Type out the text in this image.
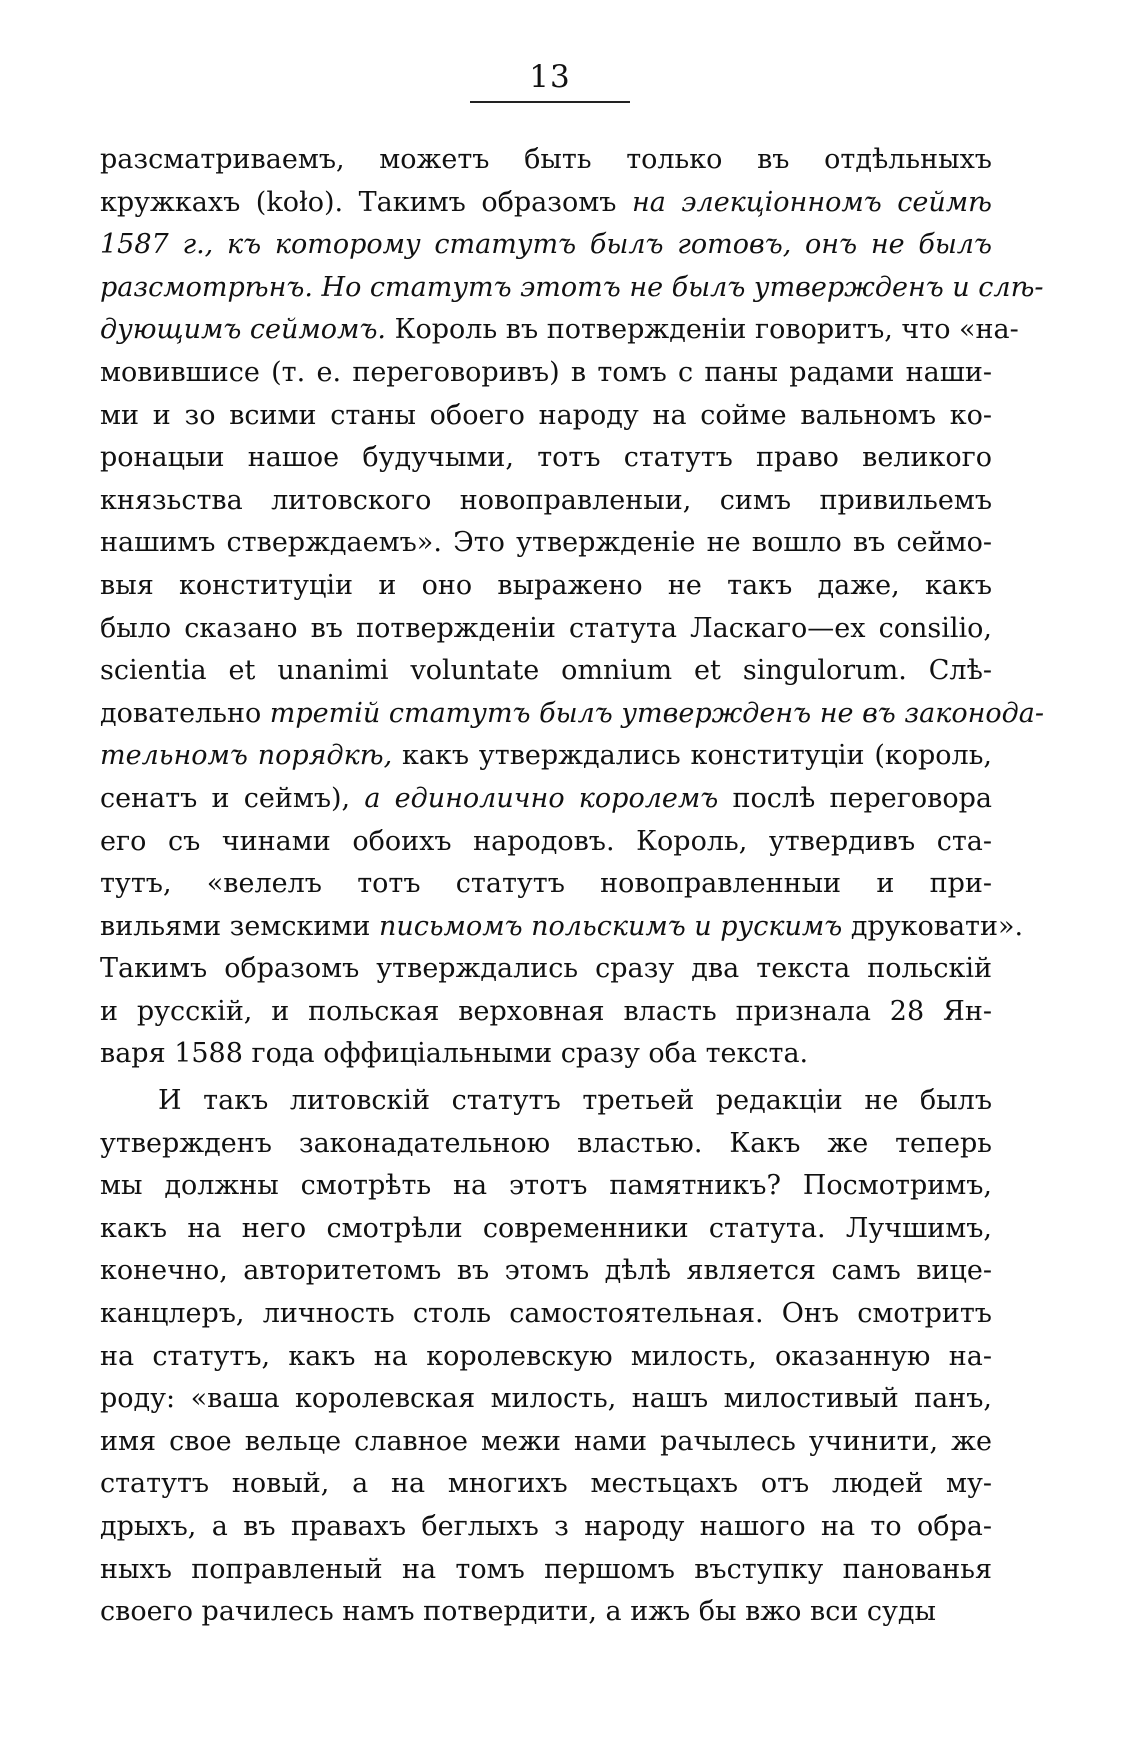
13
разсматриваемъ, можетъ быть только въ отдѣльныхъ
кружкахъ (koło). Такимъ образомъ на элекціонномъ сеймѣ
1587 г., къ которому статутъ былъ готовъ, онъ не былъ
разсмотрѣнъ. Но статутъ этотъ не былъ утвержденъ и слѣ-
дующимъ сеймомъ. Король въ потвержденіи говоритъ, что «на-
мовившисе (т. е. переговоривъ) в томъ с паны радами наши-
ми и зо всими станы обоего народу на сойме вальномъ ко-
ронацыи нашое будучыми, тотъ статутъ право великого
князьства литовского новоправленыи, симъ привильемъ
нашимъ стверждаемъ». Это утвержденіе не вошло въ сеймо-
выя конституціи и оно выражено не такъ даже, какъ
было сказано въ потвержденіи статута Ласкаго—ex consilio,
scientia et unanimi voluntate omnium et singulorum. Слѣ-
довательно третій статутъ былъ утвержденъ не въ законода-
тельномъ порядкѣ, какъ утверждались конституціи (король,
сенатъ и сеймъ), а единолично королемъ послѣ переговора
его съ чинами обоихъ народовъ. Король, утвердивъ ста-
тутъ, «велелъ тотъ статутъ новоправленныи и при-
вильями земскими письмомъ польскимъ и рускимъ друковати».
Такимъ образомъ утверждались сразу два текста польскій
и русскій, и польская верховная власть признала 28 Ян-
варя 1588 года оффиціальными сразу оба текста.
И такъ литовскій статутъ третьей редакціи не былъ
утвержденъ законадательною властью. Какъ же теперь
мы должны смотрѣть на этотъ памятникъ? Посмотримъ,
какъ на него смотрѣли современники статута. Лучшимъ,
конечно, авторитетомъ въ этомъ дѣлѣ является самъ вице-
канцлеръ, личность столь самостоятельная. Онъ смотритъ
на статутъ, какъ на королевскую милость, оказанную на-
роду: «ваша королевская милость, нашъ милостивый панъ,
имя свое вельце славное межи нами рачылесь учинити, же
статутъ новый, а на многихъ местьцахъ отъ людей му-
дрыхъ, а въ правахъ беглыхъ з народу нашого на то обра-
ныхъ поправленый на томъ першомъ въступку панованья
своего рачилесь намъ потвердити, а ижъ бы вжо вси суды
